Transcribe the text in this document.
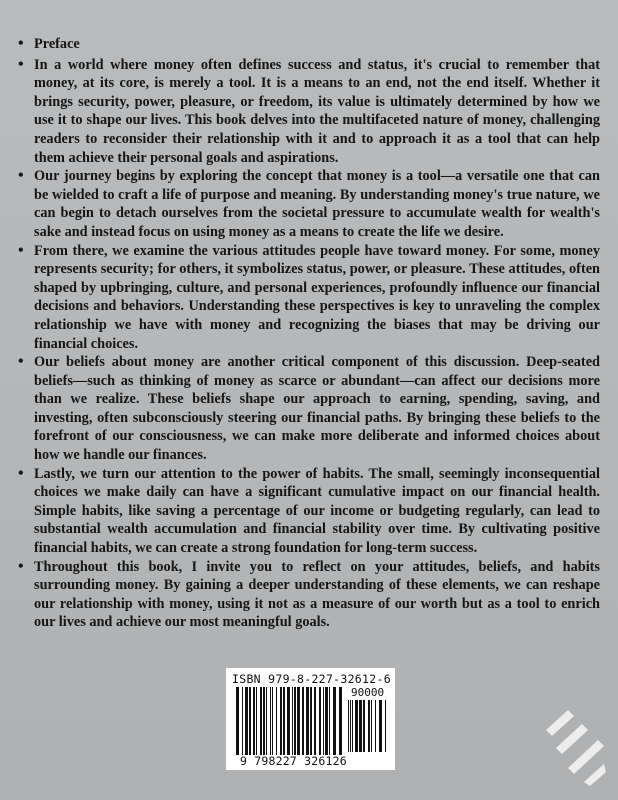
• Preface
• In a world where money often defines success and status, it's crucial to remember that money, at its core, is merely a tool. It is a means to an end, not the end itself. Whether it brings security, power, pleasure, or freedom, its value is ultimately determined by how we use it to shape our lives. This book delves into the multifaceted nature of money, challenging readers to reconsider their relationship with it and to approach it as a tool that can help them achieve their personal goals and aspirations.
• Our journey begins by exploring the concept that money is a tool—a versatile one that can be wielded to craft a life of purpose and meaning. By understanding money's true nature, we can begin to detach ourselves from the societal pressure to accumulate wealth for wealth's sake and instead focus on using money as a means to create the life we desire.
• From there, we examine the various attitudes people have toward money. For some, money represents security; for others, it symbolizes status, power, or pleasure. These attitudes, often shaped by upbringing, culture, and personal experiences, profoundly influence our financial decisions and behaviors. Understanding these perspectives is key to unraveling the complex relationship we have with money and recognizing the biases that may be driving our financial choices.
• Our beliefs about money are another critical component of this discussion. Deep-seated beliefs—such as thinking of money as scarce or abundant—can affect our decisions more than we realize. These beliefs shape our approach to earning, spending, saving, and investing, often subconsciously steering our financial paths. By bringing these beliefs to the forefront of our consciousness, we can make more deliberate and informed choices about how we handle our finances.
• Lastly, we turn our attention to the power of habits. The small, seemingly inconsequential choices we make daily can have a significant cumulative impact on our financial health. Simple habits, like saving a percentage of our income or budgeting regularly, can lead to substantial wealth accumulation and financial stability over time. By cultivating positive financial habits, we can create a strong foundation for long-term success.
• Throughout this book, I invite you to reflect on your attitudes, beliefs, and habits surrounding money. By gaining a deeper understanding of these elements, we can reshape our relationship with money, using it not as a measure of our worth but as a tool to enrich our lives and achieve our most meaningful goals.
ISBN 979-8-227-32612-6
90000
9 798227 326126
